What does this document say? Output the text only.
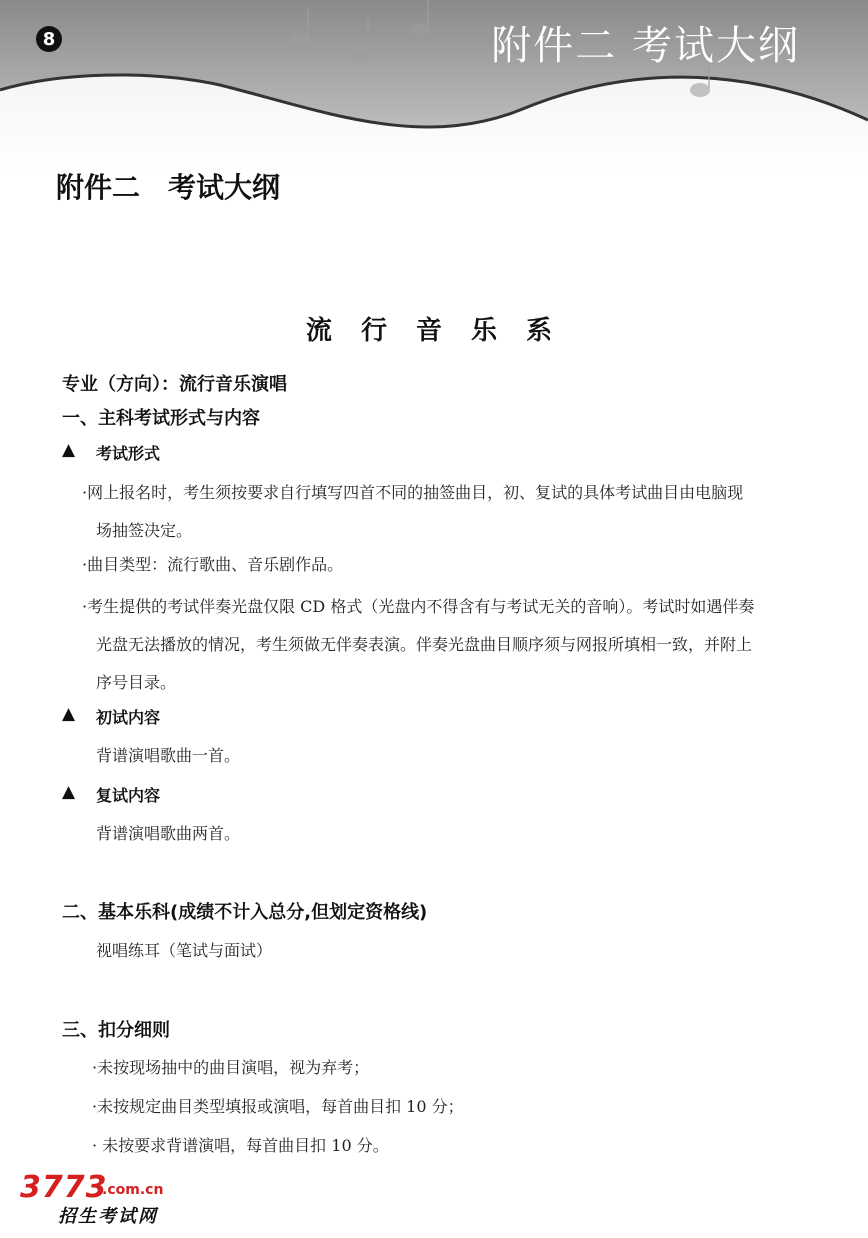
8	附件二 考试大纲
附件二　考试大纲
流 行 音 乐 系
专业（方向）：流行音乐演唱
一、主科考试形式与内容
▲ 考试形式
·网上报名时，考生须按要求自行填写四首不同的抽签曲目，初、复试的具体考试曲目由电脑现
场抽签决定。
·曲目类型：流行歌曲、音乐剧作品。
·考生提供的考试伴奏光盘仅限 CD 格式（光盘内不得含有与考试无关的音响）。考试时如遇伴奏
光盘无法播放的情况，考生须做无伴奏表演。伴奏光盘曲目顺序须与网报所填相一致，并附上
序号目录。
▲ 初试内容
背谱演唱歌曲一首。
▲ 复试内容
背谱演唱歌曲两首。
二、基本乐科(成绩不计入总分,但划定资格线)
视唱练耳（笔试与面试）
三、扣分细则
·未按现场抽中的曲目演唱，视为弃考；
·未按规定曲目类型填报或演唱，每首曲目扣 10 分；
· 未按要求背谱演唱，每首曲目扣 10 分。
3773
.com.cn
招生考试网
